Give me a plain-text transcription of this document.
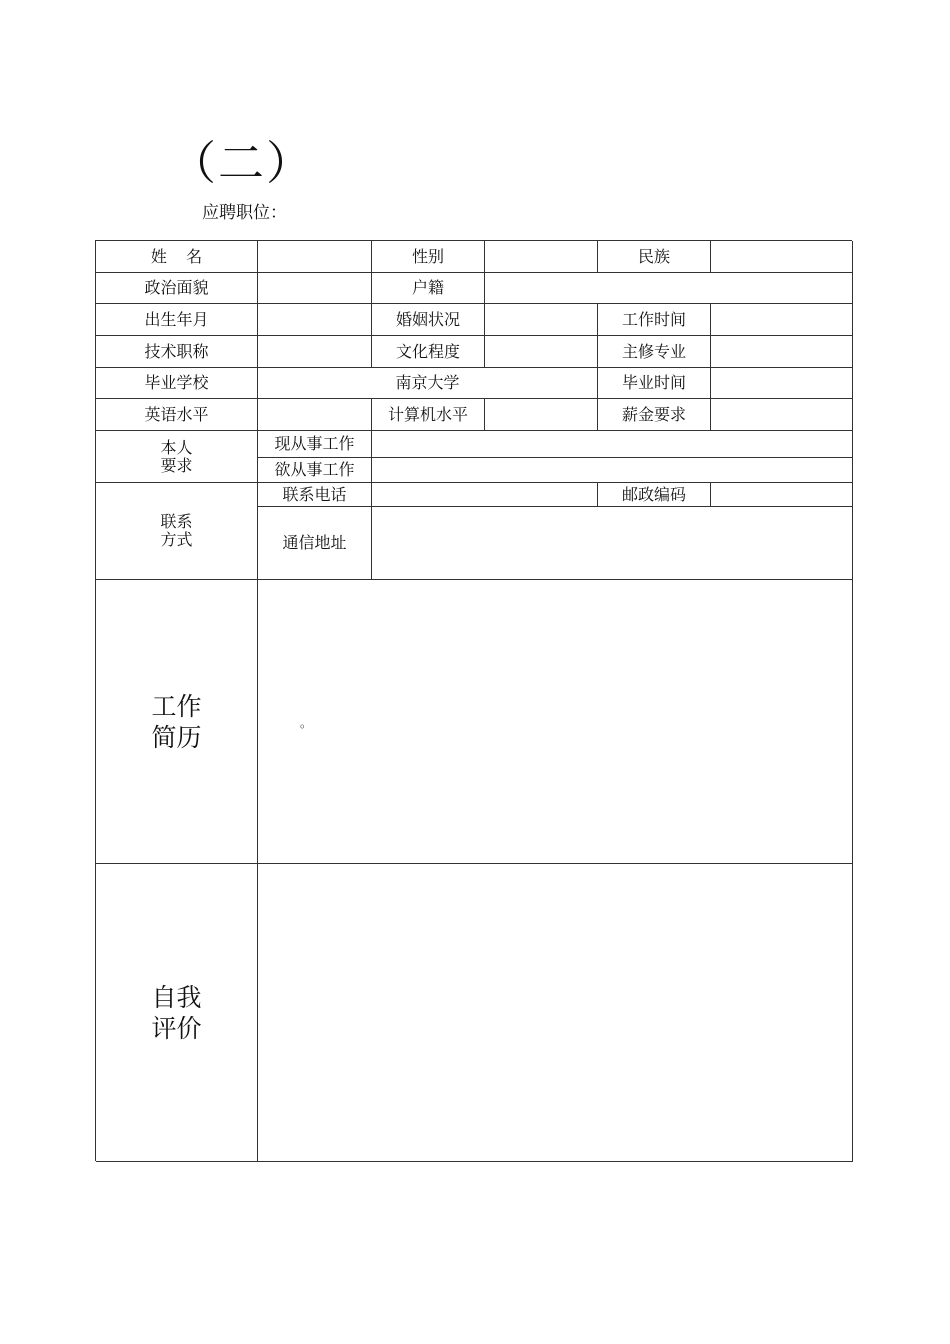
（二）
应聘职位：
姓名	性别	民族
政治面貌	户籍
出生年月	婚姻状况	工作时间
技术职称	文化程度	主修专业
毕业学校	南京大学	毕业时间
英语水平	计算机水平	薪金要求
本人
要求
现从事工作
欲从事工作
联系
方式
联系电话	邮政编码
通信地址
工作
简历
自我
评价
。
